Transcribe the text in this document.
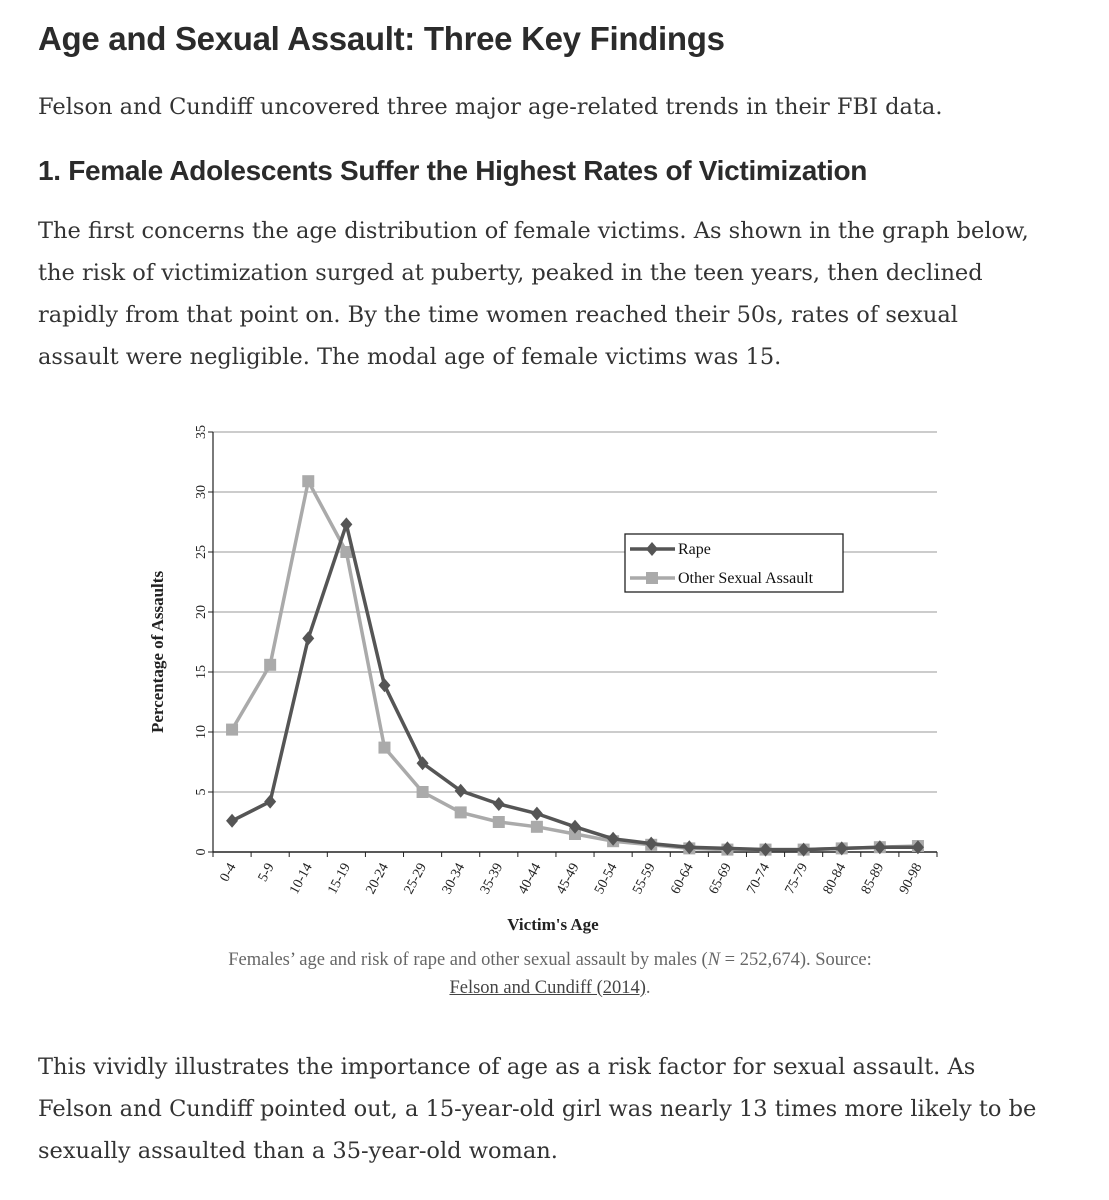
Age and Sexual Assault: Three Key Findings

Felson and Cundiff uncovered three major age-related trends in their FBI data.

1. Female Adolescents Suffer the Highest Rates of Victimization

The first concerns the age distribution of female victims. As shown in the graph below, the risk of victimization surged at puberty, peaked in the teen years, then declined rapidly from that point on. By the time women reached their 50s, rates of sexual assault were negligible. The modal age of female victims was 15.

0
5
10
15
20
25
30
35
0-4 5-9 10-14 15-19 20-24 25-29 30-34 35-39 40-44 45-49 50-54 55-59 60-64 65-69 70-74 75-79 80-84 85-89 90-98
Victim's Age
Percentage of Assaults
Rape
Other Sexual Assault
Females’ age and risk of rape and other sexual assault by males (N = 252,674). Source:
Felson and Cundiff (2014).

This vividly illustrates the importance of age as a risk factor for sexual assault. As Felson and Cundiff pointed out, a 15-year-old girl was nearly 13 times more likely to be sexually assaulted than a 35-year-old woman.
